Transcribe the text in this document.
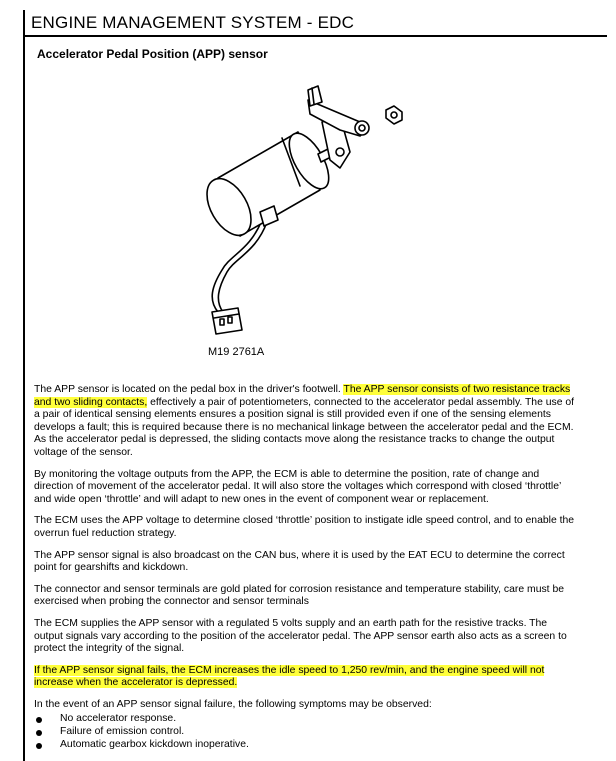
ENGINE MANAGEMENT SYSTEM - EDC
Accelerator Pedal Position (APP) sensor
M19 2761A

The APP sensor is located on the pedal box in the driver's footwell. The APP sensor consists of two resistance tracks and two sliding contacts, effectively a pair of potentiometers, connected to the accelerator pedal assembly. The use of a pair of identical sensing elements ensures a position signal is still provided even if one of the sensing elements develops a fault; this is required because there is no mechanical linkage between the accelerator pedal and the ECM. As the accelerator pedal is depressed, the sliding contacts move along the resistance tracks to change the output voltage of the sensor.

By monitoring the voltage outputs from the APP, the ECM is able to determine the position, rate of change and direction of movement of the accelerator pedal. It will also store the voltages which correspond with closed ‘throttle’ and wide open ‘throttle’ and will adapt to new ones in the event of component wear or replacement.

The ECM uses the APP voltage to determine closed ‘throttle’ position to instigate idle speed control, and to enable the overrun fuel reduction strategy.

The APP sensor signal is also broadcast on the CAN bus, where it is used by the EAT ECU to determine the correct point for gearshifts and kickdown.

The connector and sensor terminals are gold plated for corrosion resistance and temperature stability, care must be exercised when probing the connector and sensor terminals

The ECM supplies the APP sensor with a regulated 5 volts supply and an earth path for the resistive tracks. The output signals vary according to the position of the accelerator pedal. The APP sensor earth also acts as a screen to protect the integrity of the signal.

If the APP sensor signal fails, the ECM increases the idle speed to 1,250 rev/min, and the engine speed will not increase when the accelerator is depressed.

In the event of an APP sensor signal failure, the following symptoms may be observed:

No accelerator response.
Failure of emission control.
Automatic gearbox kickdown inoperative.
